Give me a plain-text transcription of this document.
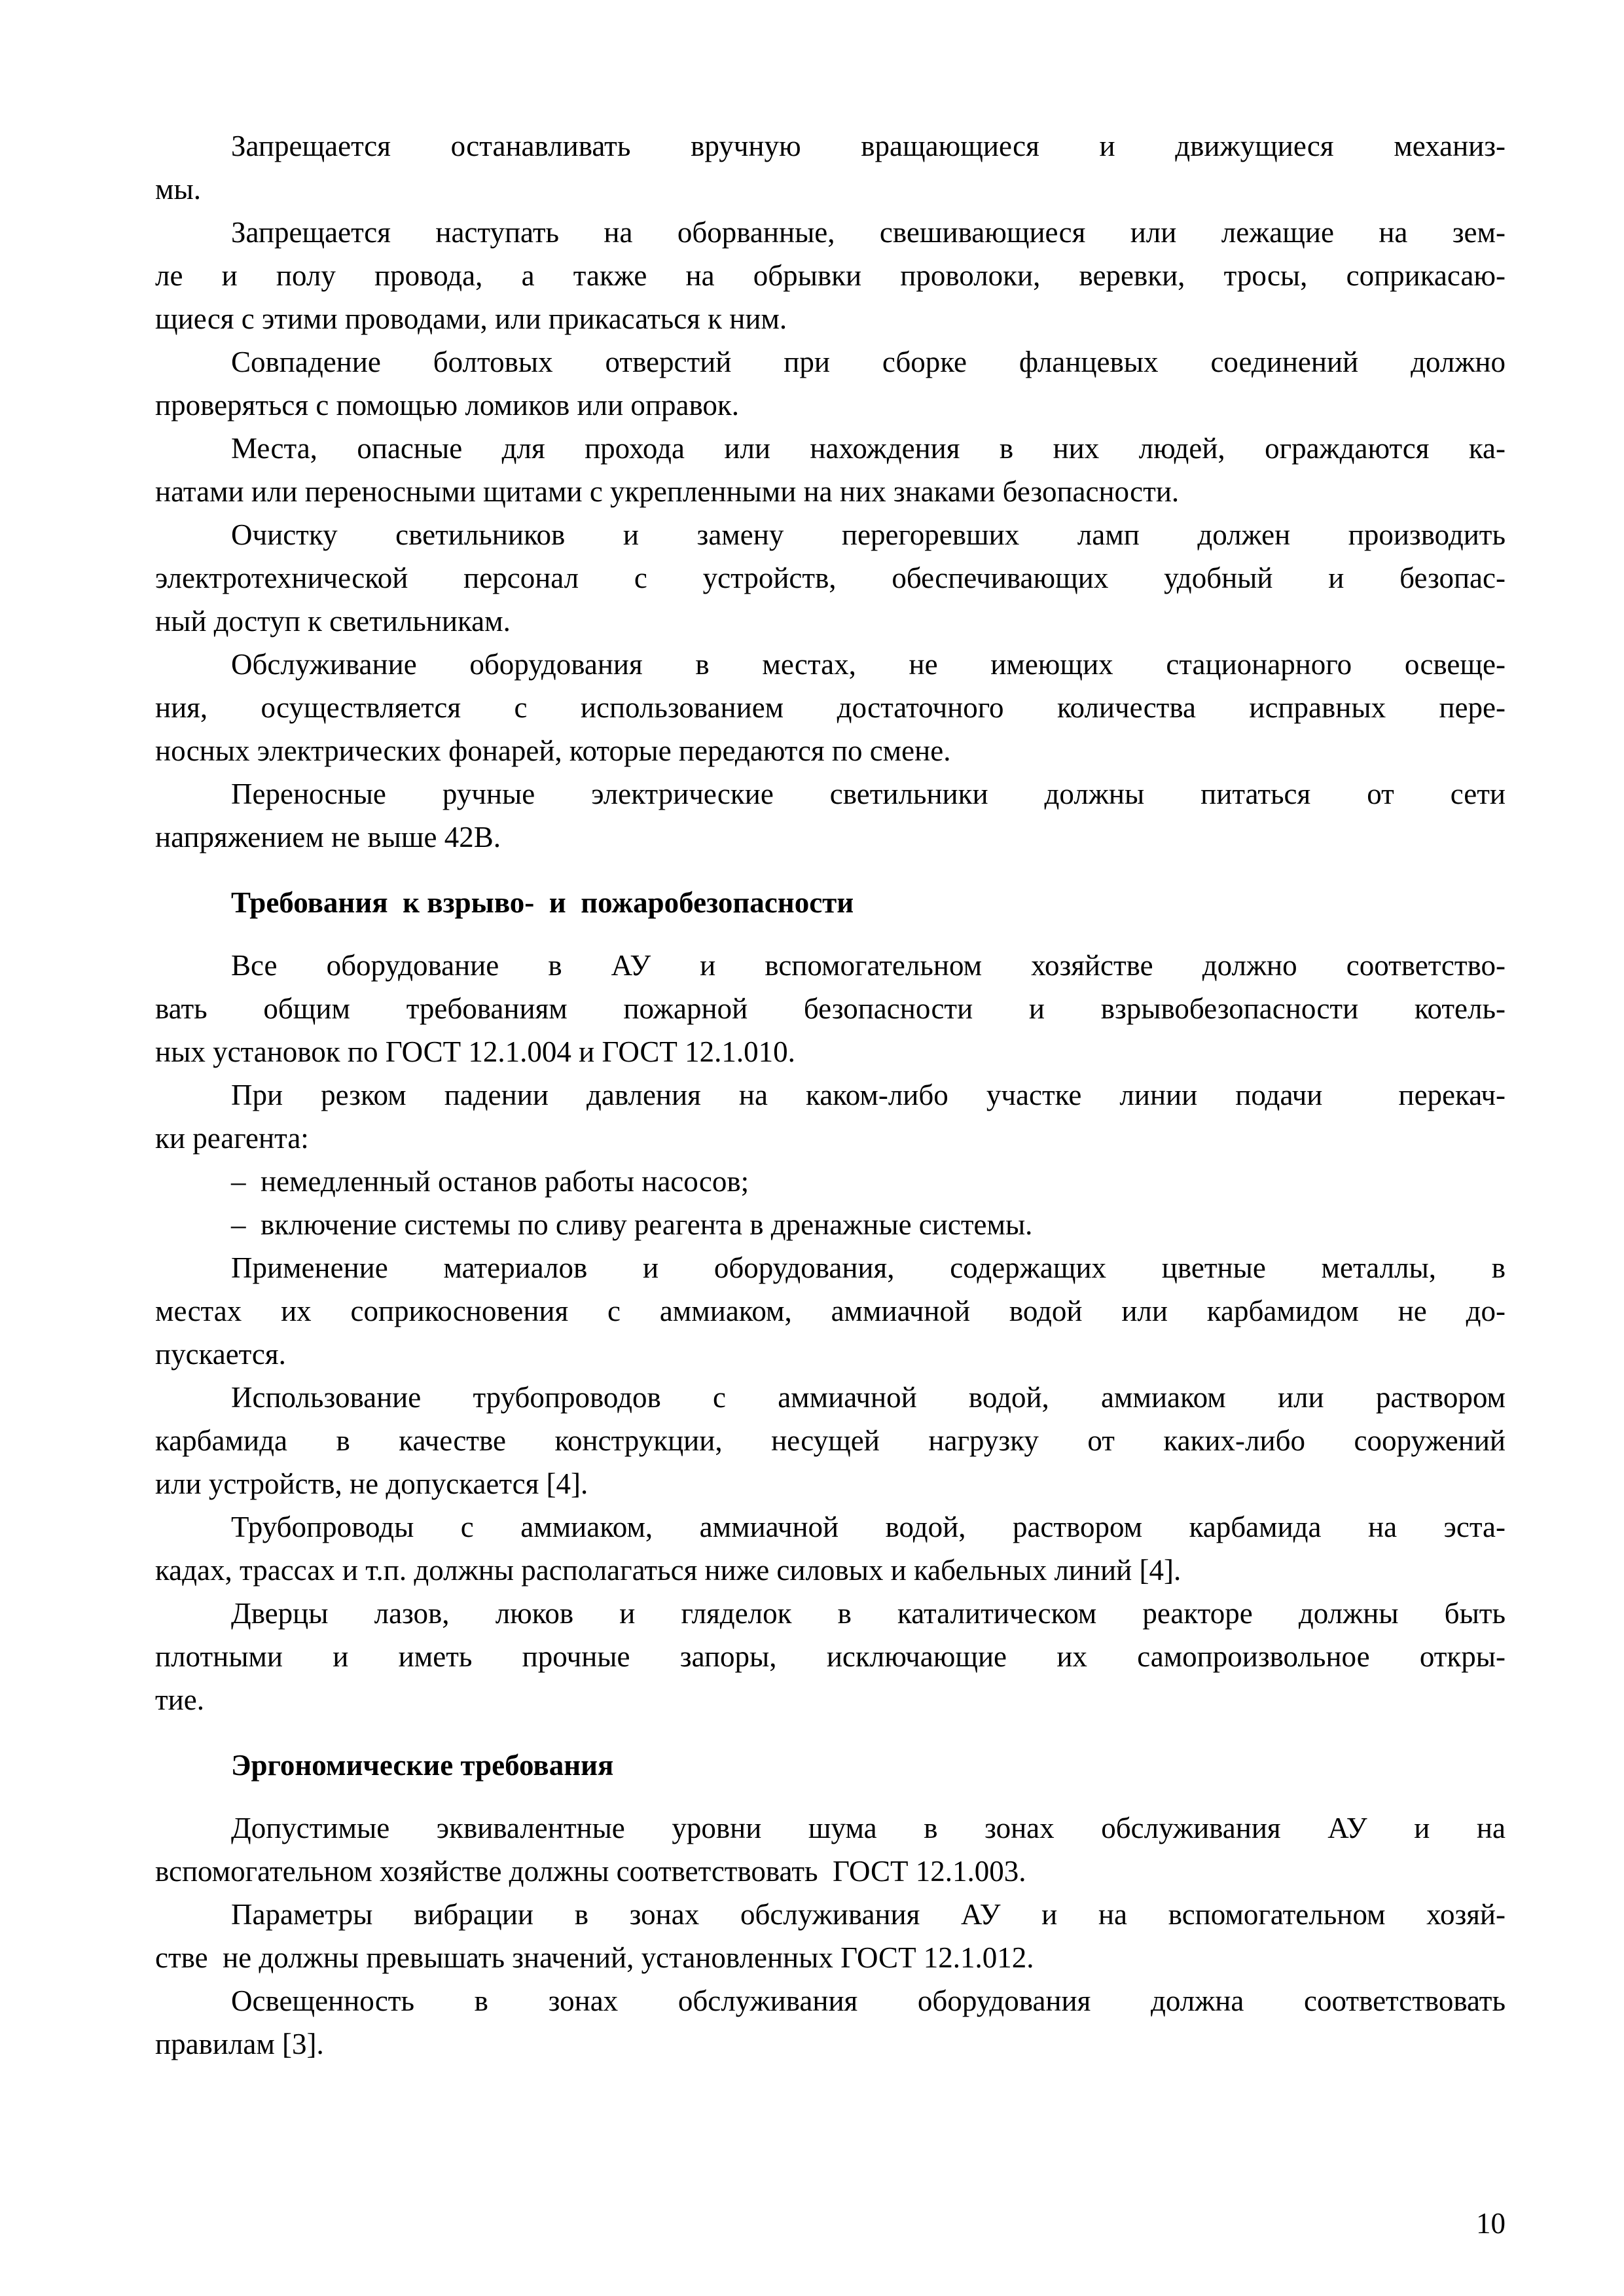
Запрещается останавливать вручную вращающиеся и движущиеся механиз-
мы.
Запрещается наступать на оборванные, свешивающиеся или лежащие на зем-
ле и полу провода, а также на обрывки проволоки, веревки, тросы, соприкасаю-
щиеся с этими проводами, или прикасаться к ним.
Совпадение болтовых отверстий при сборке фланцевых соединений должно
проверяться с помощью ломиков или оправок.
Места, опасные для прохода или нахождения в них людей, ограждаются ка-
натами или переносными щитами с укрепленными на них знаками безопасности.
Очистку светильников и замену перегоревших ламп должен производить
электротехнической персонал с устройств, обеспечивающих удобный и безопас-
ный доступ к светильникам.
Обслуживание оборудования в местах, не имеющих стационарного освеще-
ния, осуществляется с использованием достаточного количества исправных пере-
носных электрических фонарей, которые передаются по смене.
Переносные ручные электрические светильники должны питаться от сети
напряжением не выше 42В.
Требования  к взрыво-  и  пожаробезопасности
Все оборудование в АУ и вспомогательном хозяйстве должно соответство-
вать общим требованиям пожарной безопасности и взрывобезопасности котель-
ных установок по ГОСТ 12.1.004 и ГОСТ 12.1.010.
При резком падении давления на каком-либо участке линии подачи  перекач-
ки реагента:
–  немедленный останов работы насосов;
–  включение системы по сливу реагента в дренажные системы.
Применение материалов и оборудования, содержащих цветные металлы, в
местах их соприкосновения с аммиаком, аммиачной водой или карбамидом не до-
пускается.
Использование трубопроводов с аммиачной водой, аммиаком или раствором
карбамида в качестве конструкции, несущей нагрузку от каких-либо сооружений
или устройств, не допускается [4].
Трубопроводы с аммиаком, аммиачной водой, раствором карбамида на эста-
кадах, трассах и т.п. должны располагаться ниже силовых и кабельных линий [4].
Дверцы лазов, люков и гляделок в каталитическом реакторе должны быть
плотными и иметь прочные запоры, исключающие их самопроизвольное откры-
тие.
Эргономические требования
Допустимые эквивалентные уровни шума в зонах обслуживания АУ и на
вспомогательном хозяйстве должны соответствовать  ГОСТ 12.1.003.
Параметры вибрации в зонах обслуживания АУ и на вспомогательном хозяй-
стве  не должны превышать значений, установленных ГОСТ 12.1.012.
Освещенность в зонах обслуживания оборудования должна соответствовать
правилам [3].
10
